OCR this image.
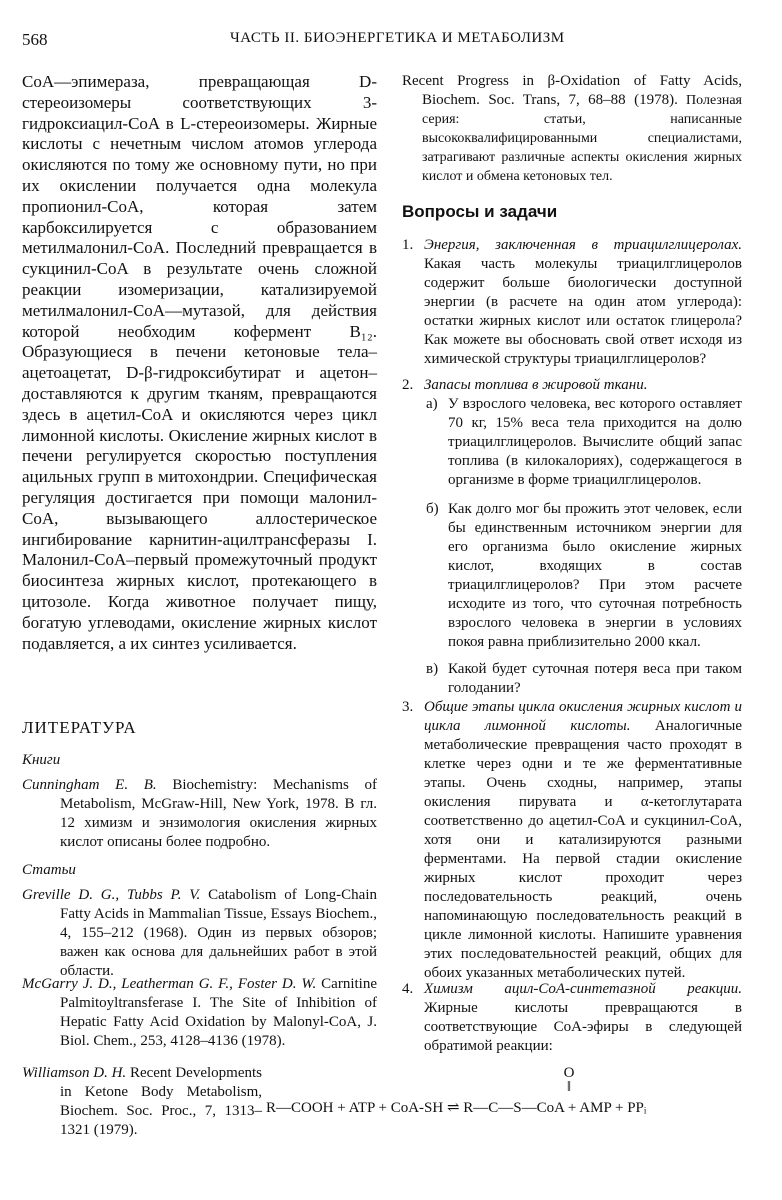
568	ЧАСТЬ II. БИОЭНЕРГЕТИКА И МЕТАБОЛИЗМ

CoA—эпимераза, превращающая D-стереоизомеры соответствующих 3-гидроксиацил-CoA в L-стереоизомеры. Жирные кислоты с нечетным числом атомов углерода окисляются по тому же основному пути, но при их окислении получается одна молекула пропионил-CoA, которая затем карбоксилируется с образованием метилмалонил-CoA. Последний превращается в сукцинил-CoA в результате очень сложной реакции изомеризации, катализируемой метилмалонил-CoA—мутазой, для действия которой необходим кофермент B₁₂. Образующиеся в печени кетоновые тела–ацетоацетат, D-β-гидроксибутират и ацетон–доставляются к другим тканям, превращаются здесь в ацетил-CoA и окисляются через цикл лимонной кислоты. Окисление жирных кислот в печени регулируется скоростью поступления ацильных групп в митохондрии. Специфическая регуляция достигается при помощи малонил-CoA, вызывающего аллостерическое ингибирование карнитин-ацилтрансферазы I. Малонил-CoA–первый промежуточный продукт биосинтеза жирных кислот, протекающего в цитозоле. Когда животное получает пищу, богатую углеводами, окисление жирных кислот подавляется, а их синтез усиливается.

ЛИТЕРАТУРА
Книги
Cunningham E. B. Biochemistry: Mechanisms of Metabolism, McGraw-Hill, New York, 1978. В гл. 12 химизм и энзимология окисления жирных кислот описаны более подробно.
Статьи
Greville D. G., Tubbs P. V. Catabolism of Long-Chain Fatty Acids in Mammalian Tissue, Essays Biochem., 4, 155–212 (1968). Один из первых обзоров; важен как основа для дальнейших работ в этой области.
McGarry J. D., Leatherman G. F., Foster D. W. Carnitine Palmitoyltransferase I. The Site of Inhibition of Hepatic Fatty Acid Oxidation by Malonyl-CoA, J. Biol. Chem., 253, 4128–4136 (1978).
Williamson D. H. Recent Developments in Ketone Body Metabolism, Biochem. Soc. Proc., 7, 1313–1321 (1979).

Recent Progress in β-Oxidation of Fatty Acids, Biochem. Soc. Trans, 7, 68–88 (1978). Полезная серия: статьи, написанные высококвалифицированными специалистами, затрагивают различные аспекты окисления жирных кислот и обмена кетоновых тел.

Вопросы и задачи
1. Энергия, заключенная в триацилглицеролах. Какая часть молекулы триацилглицеролов содержит больше биологически доступной энергии (в расчете на один атом углерода): остатки жирных кислот или остаток глицерола? Как можете вы обосновать свой ответ исходя из химической структуры триацилглицеролов?
2. Запасы топлива в жировой ткани.
а) У взрослого человека, вес которого оставляет 70 кг, 15% веса тела приходится на долю триацилглицеролов. Вычислите общий запас топлива (в килокалориях), содержащегося в организме в форме триацилглицеролов.
б) Как долго мог бы прожить этот человек, если бы единственным источником энергии для его организма было окисление жирных кислот, входящих в состав триацилглицеролов? При этом расчете исходите из того, что суточная потребность взрослого человека в энергии в условиях покоя равна приблизительно 2000 ккал.
в) Какой будет суточная потеря веса при таком голодании?
3. Общие этапы цикла окисления жирных кислот и цикла лимонной кислоты. Аналогичные метаболические превращения часто проходят в клетке через одни и те же ферментативные этапы. Очень сходны, например, этапы окисления пирувата и α-кетоглутарата соответственно до ацетил-CoA и сукцинил-CoA, хотя они и катализируются разными ферментами. На первой стадии окисление жирных кислот проходит через последовательность реакций, очень напоминающую последовательность реакций в цикле лимонной кислоты. Напишите уравнения этих последовательностей реакций, общих для обоих указанных метаболических путей.
4. Химизм ацил-CoA-синтетазной реакции. Жирные кислоты превращаются в соответствующие CoA-эфиры в следующей обратимой реакции:
O
‖
R—COOH + ATP + CoA-SH ⇌ R—C—S—CoA + AMP + PPᵢ
